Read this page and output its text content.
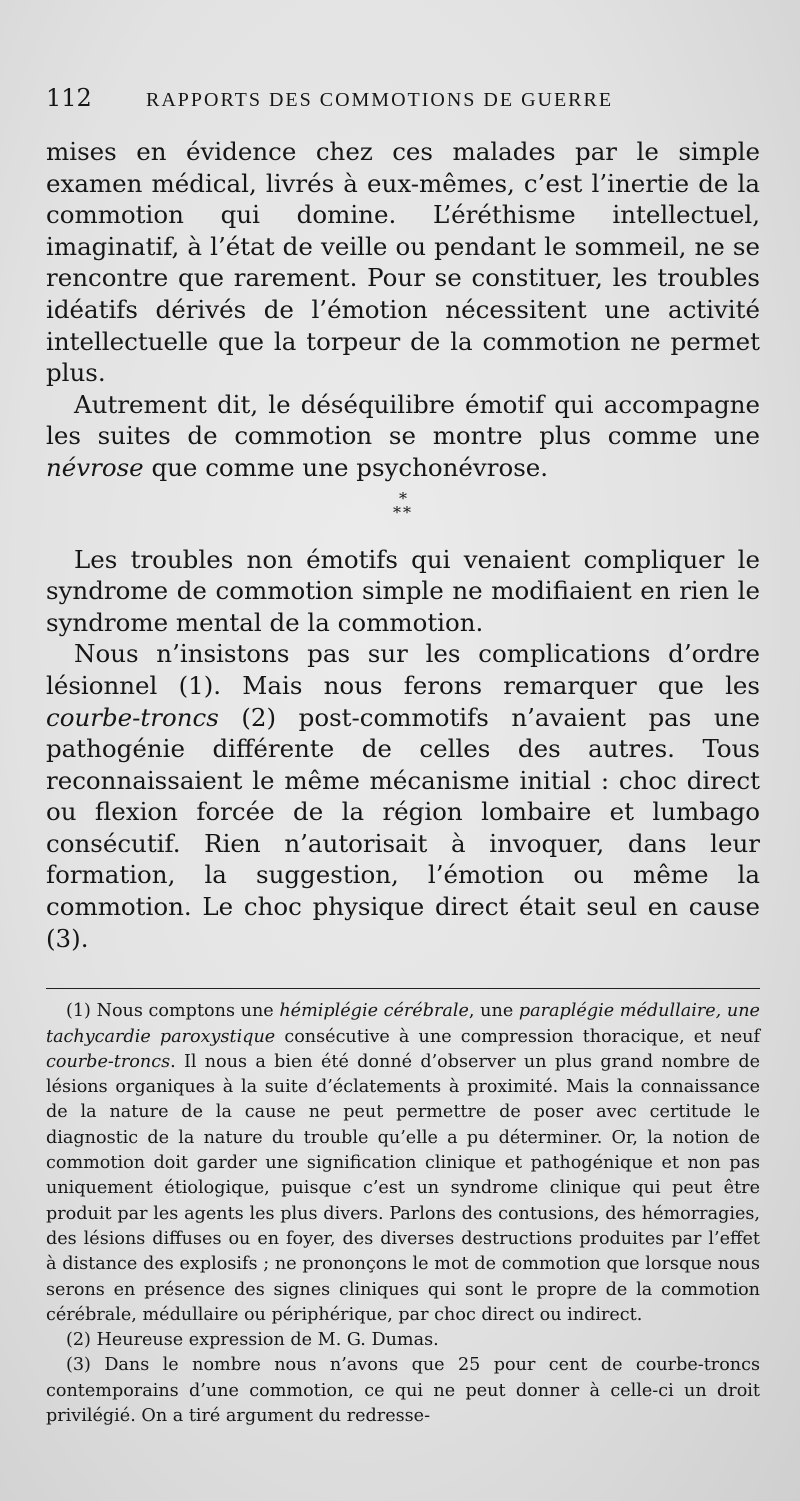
112	RAPPORTS DES COMMOTIONS DE GUERRE

mises en évidence chez ces malades par le simple examen médical, livrés à eux-mêmes, c’est l’inertie de la commotion qui domine. L’éréthisme intellectuel, imaginatif, à l’état de veille ou pendant le sommeil, ne se rencontre que rarement. Pour se constituer, les troubles idéatifs dérivés de l’émotion nécessitent une activité intellectuelle que la torpeur de la commotion ne permet plus.

Autrement dit, le déséquilibre émotif qui accompagne les suites de commotion se montre plus comme une névrose que comme une psychonévrose.

*
**

Les troubles non émotifs qui venaient compliquer le syndrome de commotion simple ne modifiaient en rien le syndrome mental de la commotion.

Nous n’insistons pas sur les complications d’ordre lésionnel (1). Mais nous ferons remarquer que les courbe-troncs (2) post-commotifs n’avaient pas une pathogénie différente de celles des autres. Tous reconnaissaient le même mécanisme initial : choc direct ou flexion forcée de la région lombaire et lumbago consécutif. Rien n’autorisait à invoquer, dans leur formation, la suggestion, l’émotion ou même la commotion. Le choc physique direct était seul en cause (3).

(1) Nous comptons une hémiplégie cérébrale, une paraplégie médullaire, une tachycardie paroxystique consécutive à une compression thoracique, et neuf courbe-troncs. Il nous a bien été donné d’observer un plus grand nombre de lésions organiques à la suite d’éclatements à proximité. Mais la connaissance de la nature de la cause ne peut permettre de poser avec certitude le diagnostic de la nature du trouble qu’elle a pu déterminer. Or, la notion de commotion doit garder une signification clinique et pathogénique et non pas uniquement étiologique, puisque c’est un syndrome clinique qui peut être produit par les agents les plus divers. Parlons des contusions, des hémorragies, des lésions diffuses ou en foyer, des diverses destructions produites par l’effet à distance des explosifs ; ne prononçons le mot de commotion que lorsque nous serons en présence des signes cliniques qui sont le propre de la commotion cérébrale, médullaire ou périphérique, par choc direct ou indirect.

(2) Heureuse expression de M. G. Dumas.

(3) Dans le nombre nous n’avons que 25 pour cent de courbe-troncs contemporains d’une commotion, ce qui ne peut donner à celle-ci un droit privilégié. On a tiré argument du redresse-
